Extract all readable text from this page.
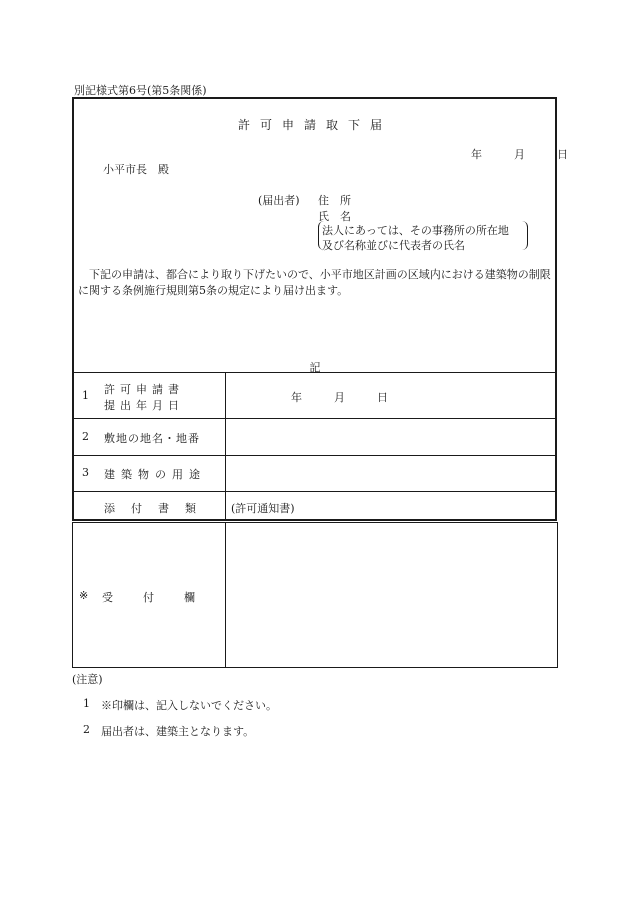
別記様式第6号(第5条関係)
許可申請取下届
年	月	日
小平市長　殿
(届出者) 住　所
氏　名
法人にあっては、その事務所の所在地
及び名称並びに代表者の氏名
下記の申請は、都合により取り下げたいので、小平市地区計画の区域内における建築物の制限に関する条例施行規則第5条の規定により届け出ます。
記
1 許可申請書
提出年月日
年	月	日
2 敷地の地名・地番
3 建築物の用途
添付書類 (許可通知書)
※ 受	付	欄
(注意)
1 ※印欄は、記入しないでください。
2 届出者は、建築主となります。
